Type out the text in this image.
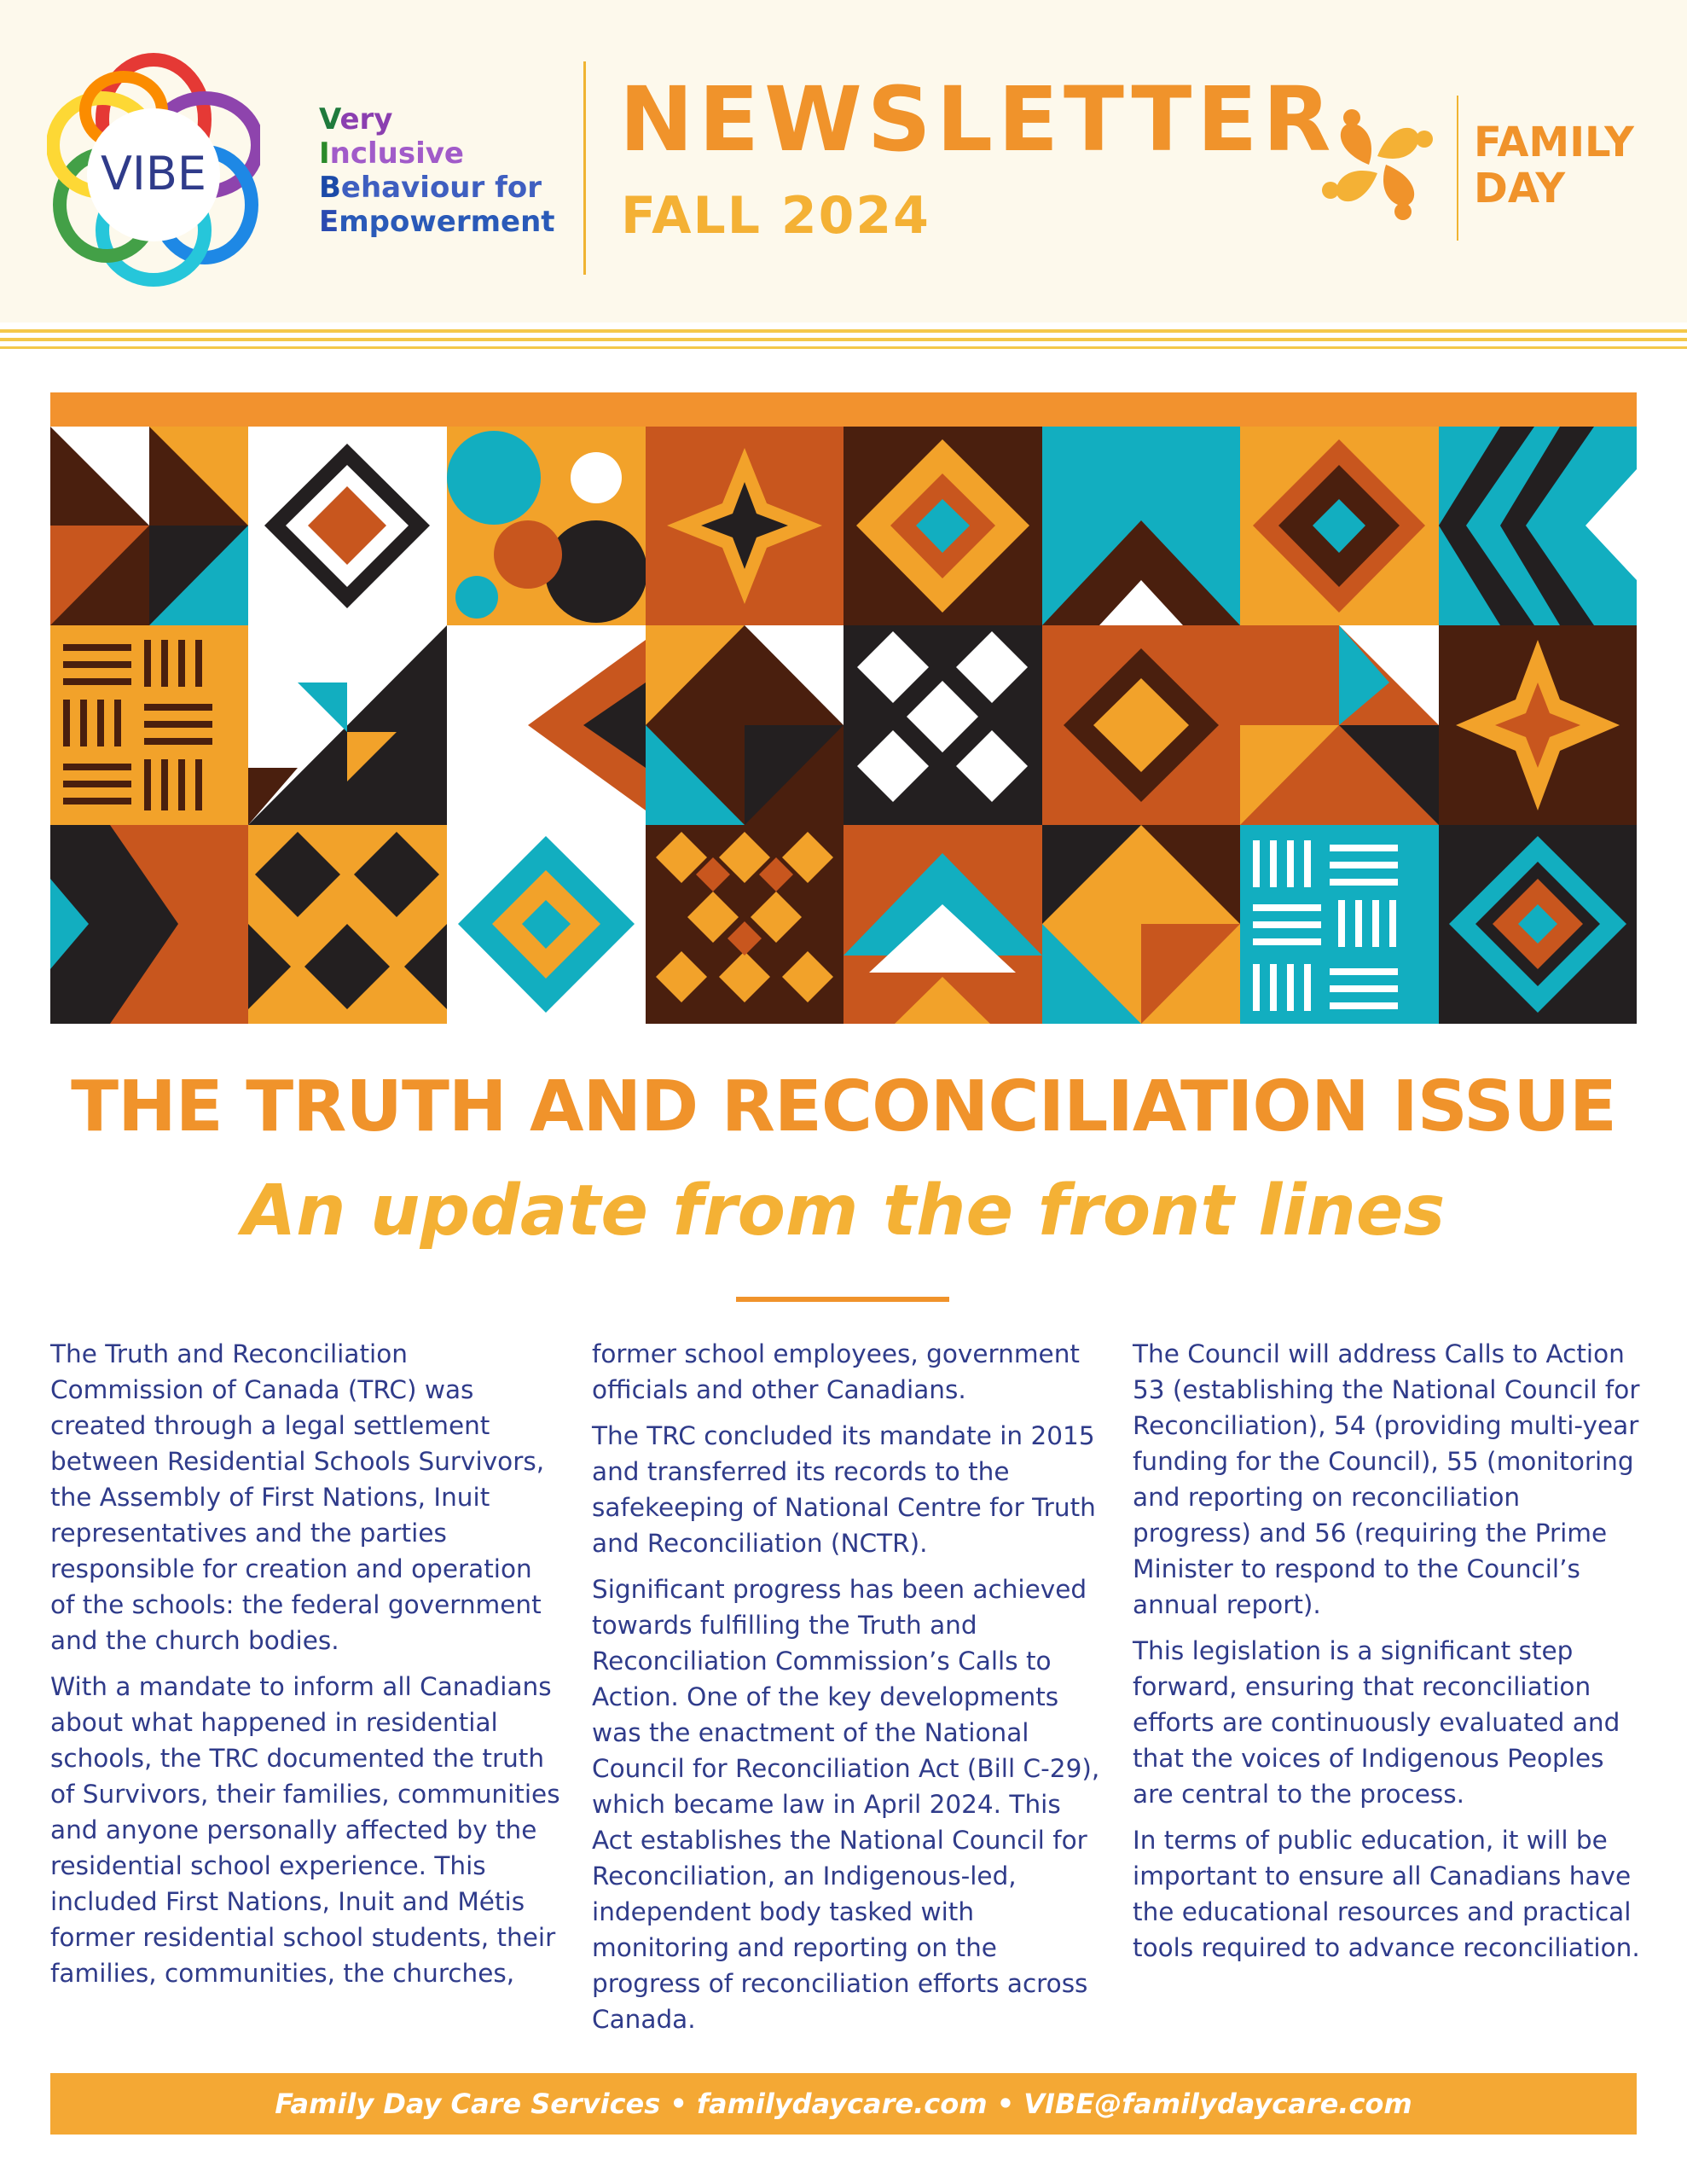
VIBE
Very
Inclusive
Behaviour for
Empowerment
NEWSLETTER
FALL 2024
FAMILY
DAY
THE TRUTH AND RECONCILIATION ISSUE
An update from the front lines

The Truth and Reconciliation Commission of Canada (TRC) was created through a legal settlement between Residential Schools Survivors, the Assembly of First Nations, Inuit representatives and the parties responsible for creation and operation of the schools: the federal government and the church bodies.

With a mandate to inform all Canadians about what happened in residential schools, the TRC documented the truth of Survivors, their families, communities and anyone personally affected by the residential school experience. This included First Nations, Inuit and Métis former residential school students, their families, communities, the churches,

former school employees, government officials and other Canadians.

The TRC concluded its mandate in 2015 and transferred its records to the safekeeping of National Centre for Truth and Reconciliation (NCTR).

Significant progress has been achieved towards fulfilling the Truth and Reconciliation Commission’s Calls to Action. One of the key developments was the enactment of the National Council for Reconciliation Act (Bill C-29), which became law in April 2024. This Act establishes the National Council for Reconciliation, an Indigenous-led, independent body tasked with monitoring and reporting on the progress of reconciliation efforts across Canada.

The Council will address Calls to Action 53 (establishing the National Council for Reconciliation), 54 (providing multi-year funding for the Council), 55 (monitoring and reporting on reconciliation progress) and 56 (requiring the Prime Minister to respond to the Council’s annual report).

This legislation is a significant step forward, ensuring that reconciliation efforts are continuously evaluated and that the voices of Indigenous Peoples are central to the process.

In terms of public education, it will be important to ensure all Canadians have the educational resources and practical tools required to advance reconciliation.

Family Day Care Services • familydaycare.com • VIBE@familydaycare.com
